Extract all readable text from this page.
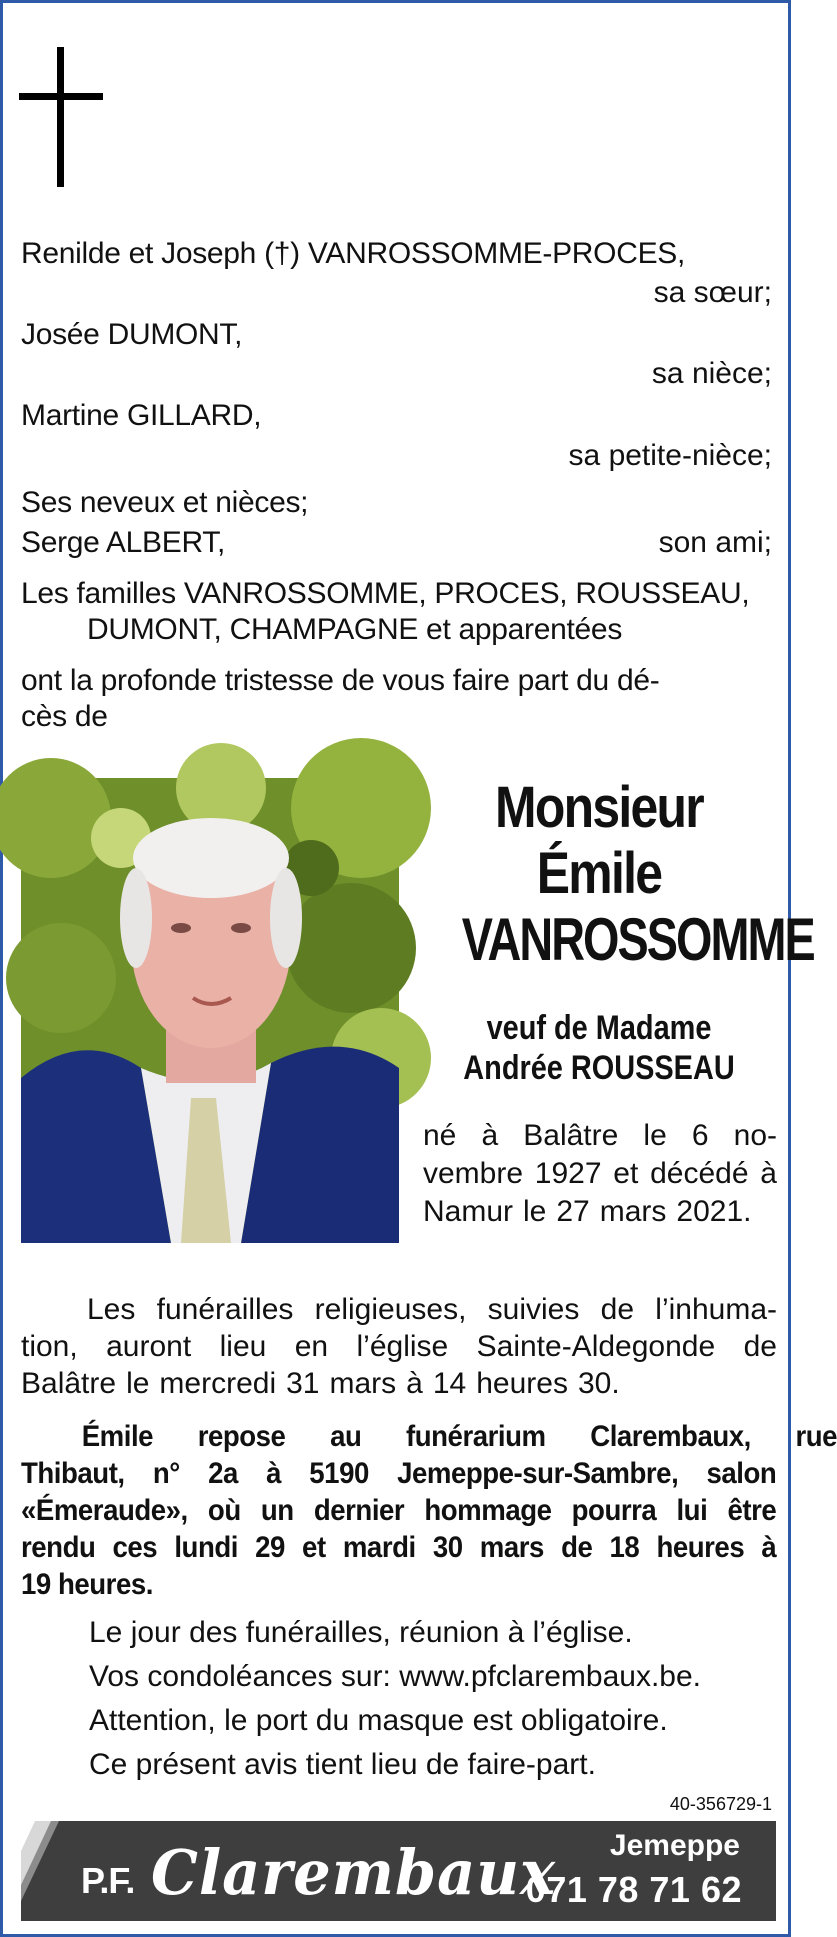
Renilde et Joseph (†) VANROSSOMME-PROCES,
sa sœur;
Josée DUMONT,
sa nièce;
Martine GILLARD,
sa petite-nièce;
Ses neveux et nièces;
Serge ALBERT,	son ami;
Les familles VANROSSOMME, PROCES, ROUSSEAU,
DUMONT, CHAMPAGNE et apparentées
ont la profonde tristesse de vous faire part du dé-
cès de
Monsieur
Émile
VANROSSOMME
veuf de Madame
Andrée ROUSSEAU
né à Balâtre le 6 no-
vembre 1927 et décédé à
Namur le 27 mars 2021.
Les funérailles religieuses, suivies de l’inhuma-
tion, auront lieu en l’église Sainte-Aldegonde de
Balâtre le mercredi 31 mars à 14 heures 30.
Émile repose au funérarium Clarembaux, rue
Thibaut, n° 2a à 5190 Jemeppe-sur-Sambre, salon
«Émeraude», où un dernier hommage pourra lui être
rendu ces lundi 29 et mardi 30 mars de 18 heures à
19 heures.
Le jour des funérailles, réunion à l’église.
Vos condoléances sur: www.pfclarembaux.be.
Attention, le port du masque est obligatoire.
Ce présent avis tient lieu de faire-part.
40-356729-1
P.F. Clarembaux Jemeppe
071 78 71 62
